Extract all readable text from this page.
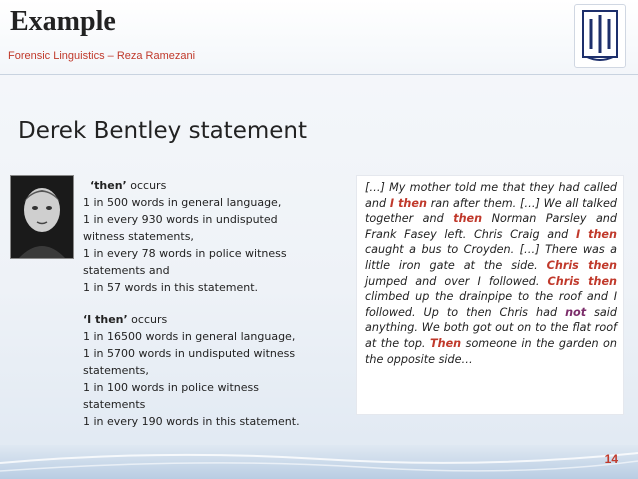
Example
Forensic Linguistics – Reza Ramezani
Derek Bentley statement
‘then’ occurs
1 in 500 words in general language,
1 in every 930 words in undisputed
witness statements,
1 in every 78 words in police witness
statements and
1 in 57 words in this statement.
‘I then’ occurs
1 in 16500 words in general language,
1 in 5700 words in undisputed witness
statements,
1 in 100 words in police witness
statements
1 in every 190 words in this statement.
[…] My mother told me that they had called and I then ran after them. […] We all talked together and then Norman Parsley and Frank Fasey left. Chris Craig and I then caught a bus to Croyden. […] There was a little iron gate at the side. Chris then jumped and over I followed. Chris then climbed up the drainpipe to the roof and I followed. Up to then Chris had not said anything. We both got out on to the flat roof at the top. Then someone in the garden on the opposite side…
14
